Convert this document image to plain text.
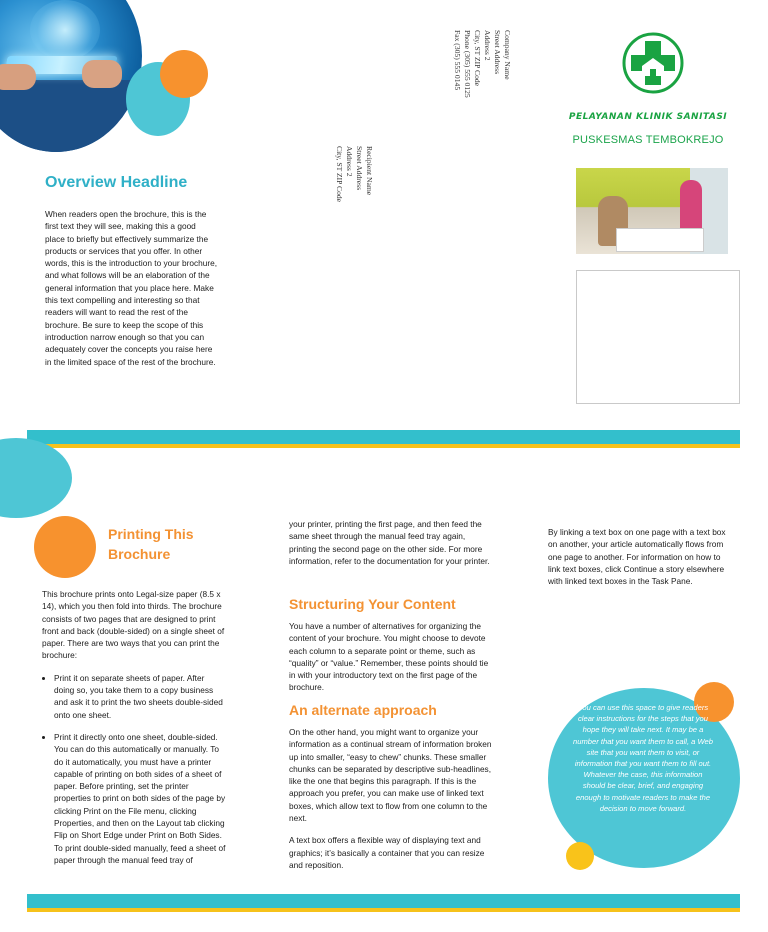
Company Name
Street Address
Address 2
City, ST ZIP Code
Phone (305) 555 0125
Fax (305) 555 0145
Recipient Name
Street Address
Address 2
City, ST ZIP Code
PELAYANAN KLINIK SANITASI
PUSKESMAS TEMBOKREJO
Overview Headline

When readers open the brochure, this is the first text they will see, making this a good place to briefly but effectively summarize the products or services that you offer. In other words, this is the introduction to your brochure, and what follows will be an elaboration of the general information that you place here. Make this text compelling and interesting so that readers will want to read the rest of the brochure. Be sure to keep the scope of this introduction narrow enough so that you can adequately cover the concepts you raise here in the limited space of the rest of the brochure.

Printing This Brochure

This brochure prints onto Legal-size paper (8.5 x 14), which you then fold into thirds. The brochure consists of two pages that are designed to print front and back (double-sided) on a single sheet of paper. There are two ways that you can print the brochure:

• Print it on separate sheets of paper. After doing so, you take them to a copy business and ask it to print the two sheets double-sided onto one sheet.
• Print it directly onto one sheet, double-sided. You can do this automatically or manually. To do it automatically, you must have a printer capable of printing on both sides of a sheet of paper. Before printing, set the printer properties to print on both sides of the page by clicking Print on the File menu, clicking Properties, and then on the Layout tab clicking Flip on Short Edge under Print on Both Sides. To print double-sided manually, feed a sheet of paper through the manual feed tray of

your printer, printing the first page, and then feed the same sheet through the manual feed tray again, printing the second page on the other side. For more information, refer to the documentation for your printer.

Structuring Your Content

You have a number of alternatives for organizing the content of your brochure. You might choose to devote each column to a separate point or theme, such as “quality” or “value.” Remember, these points should tie in with your introductory text on the first page of the brochure.

An alternate approach

On the other hand, you might want to organize your information as a continual stream of information broken up into smaller, “easy to chew” chunks. These smaller chunks can be separated by descriptive sub-headlines, like the one that begins this paragraph. If this is the approach you prefer, you can make use of linked text boxes, which allow text to flow from one column to the next.

A text box offers a flexible way of displaying text and graphics; it’s basically a container that you can resize and reposition.

By linking a text box on one page with a text box on another, your article automatically flows from one page to another. For information on how to link text boxes, click Continue a story elsewhere with linked text boxes in the Task Pane.

You can use this space to give readers clear instructions for the steps that you hope they will take next. It may be a number that you want them to call, a Web site that you want them to visit, or information that you want them to fill out. Whatever the case, this information should be clear, brief, and engaging enough to motivate readers to make the decision to move forward.
